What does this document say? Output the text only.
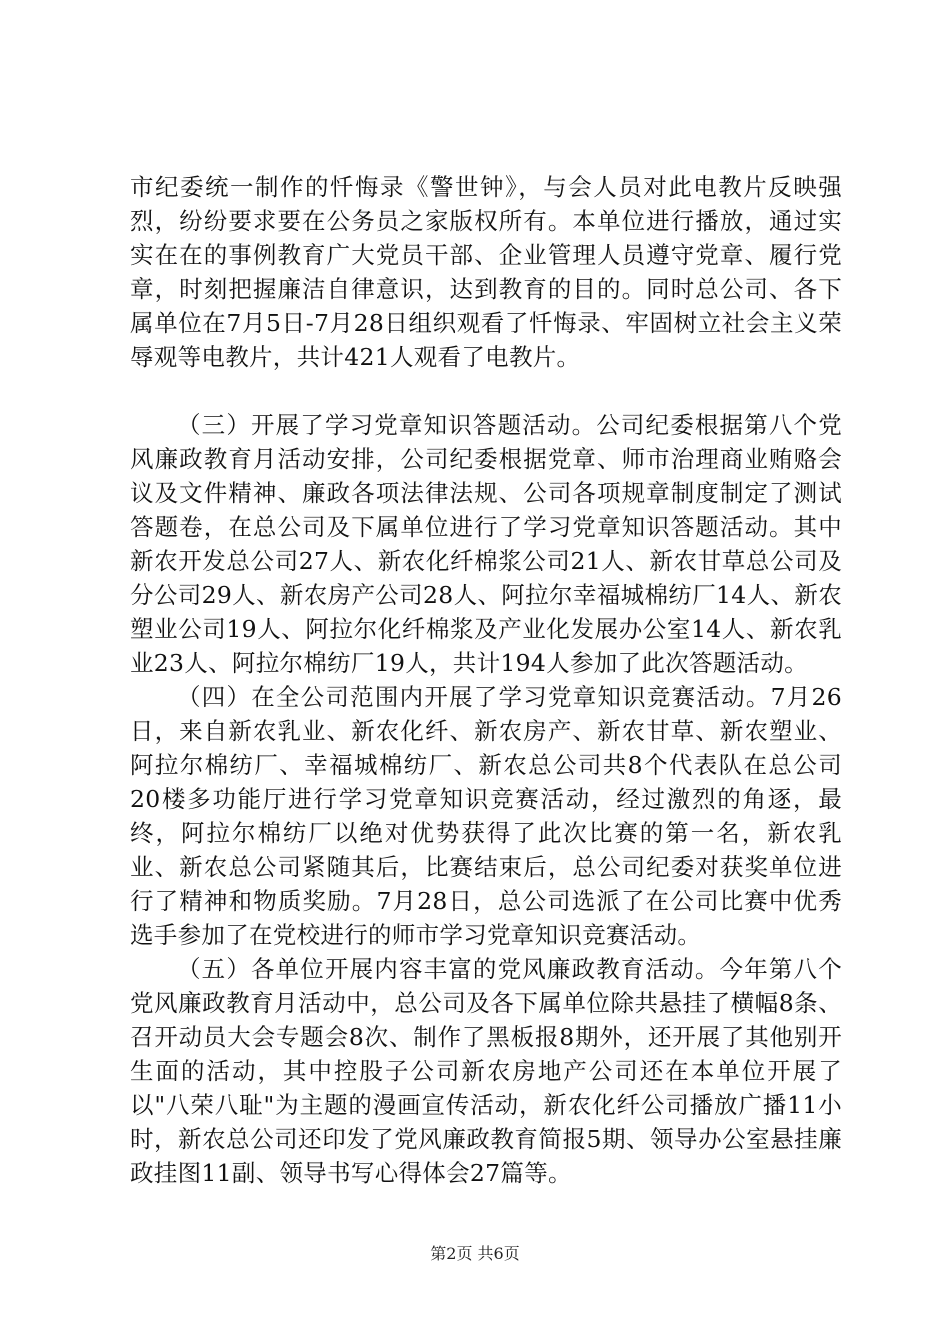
市纪委统一制作的忏悔录《警世钟》，与会人员对此电教片反映强烈，纷纷要求要在公务员之家版权所有。本单位进行播放，通过实实在在的事例教育广大党员干部、企业管理人员遵守党章、履行党章，时刻把握廉洁自律意识，达到教育的目的。同时总公司、各下属单位在7月5日-7月28日组织观看了忏悔录、牢固树立社会主义荣辱观等电教片，共计421人观看了电教片。

（三）开展了学习党章知识答题活动。公司纪委根据第八个党风廉政教育月活动安排，公司纪委根据党章、师市治理商业贿赂会议及文件精神、廉政各项法律法规、公司各项规章制度制定了测试答题卷，在总公司及下属单位进行了学习党章知识答题活动。其中新农开发总公司27人、新农化纤棉浆公司21人、新农甘草总公司及分公司29人、新农房产公司28人、阿拉尔幸福城棉纺厂14人、新农塑业公司19人、阿拉尔化纤棉浆及产业化发展办公室14人、新农乳业23人、阿拉尔棉纺厂19人，共计194人参加了此次答题活动。

（四）在全公司范围内开展了学习党章知识竞赛活动。7月26日，来自新农乳业、新农化纤、新农房产、新农甘草、新农塑业、阿拉尔棉纺厂、幸福城棉纺厂、新农总公司共8个代表队在总公司20楼多功能厅进行学习党章知识竞赛活动，经过激烈的角逐，最终，阿拉尔棉纺厂以绝对优势获得了此次比赛的第一名，新农乳业、新农总公司紧随其后，比赛结束后，总公司纪委对获奖单位进行了精神和物质奖励。7月28日，总公司选派了在公司比赛中优秀选手参加了在党校进行的师市学习党章知识竞赛活动。

（五）各单位开展内容丰富的党风廉政教育活动。今年第八个党风廉政教育月活动中，总公司及各下属单位除共悬挂了横幅8条、召开动员大会专题会8次、制作了黑板报8期外，还开展了其他别开生面的活动，其中控股子公司新农房地产公司还在本单位开展了以"八荣八耻"为主题的漫画宣传活动，新农化纤公司播放广播11小时，新农总公司还印发了党风廉政教育简报5期、领导办公室悬挂廉政挂图11副、领导书写心得体会27篇等。

第2页 共6页
